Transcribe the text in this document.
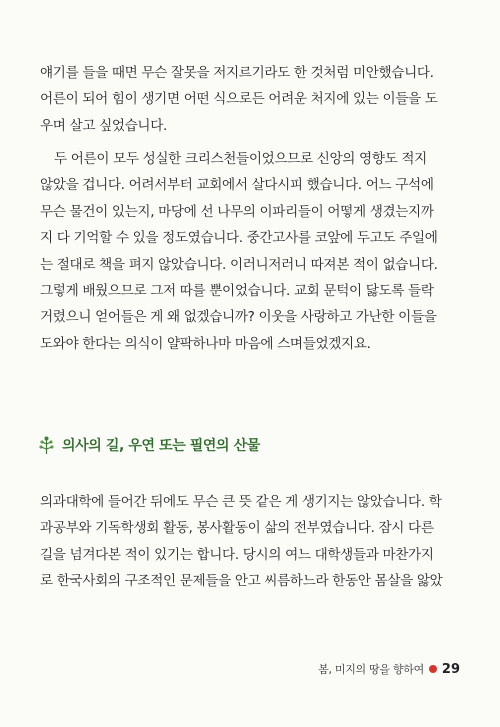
얘기를 들을 때면 무슨 잘못을 저지르기라도 한 것처럼 미안했습니다.
어른이 되어 힘이 생기면 어떤 식으로든 어려운 처지에 있는 이들을 도
우며 살고 싶었습니다.
두 어른이 모두 성실한 크리스천들이었으므로 신앙의 영향도 적지
않았을 겁니다. 어려서부터 교회에서 살다시피 했습니다. 어느 구석에
무슨 물건이 있는지, 마당에 선 나무의 이파리들이 어떻게 생겼는지까
지 다 기억할 수 있을 정도였습니다. 중간고사를 코앞에 두고도 주일에
는 절대로 책을 펴지 않았습니다. 이러니저러니 따져본 적이 없습니다.
그렇게 배웠으므로 그저 따를 뿐이었습니다. 교회 문턱이 닳도록 들락
거렸으니 얻어들은 게 왜 없겠습니까? 이웃을 사랑하고 가난한 이들을
도와야 한다는 의식이 얄팍하나마 마음에 스며들었겠지요.
의사의 길, 우연 또는 필연의 산물
의과대학에 들어간 뒤에도 무슨 큰 뜻 같은 게 생기지는 않았습니다. 학
과공부와 기독학생회 활동, 봉사활동이 삶의 전부였습니다. 잠시 다른
길을 넘겨다본 적이 있기는 합니다. 당시의 여느 대학생들과 마찬가지
로 한국사회의 구조적인 문제들을 안고 씨름하느라 한동안 몸살을 앓았
봄, 미지의 땅을 향하여 29
